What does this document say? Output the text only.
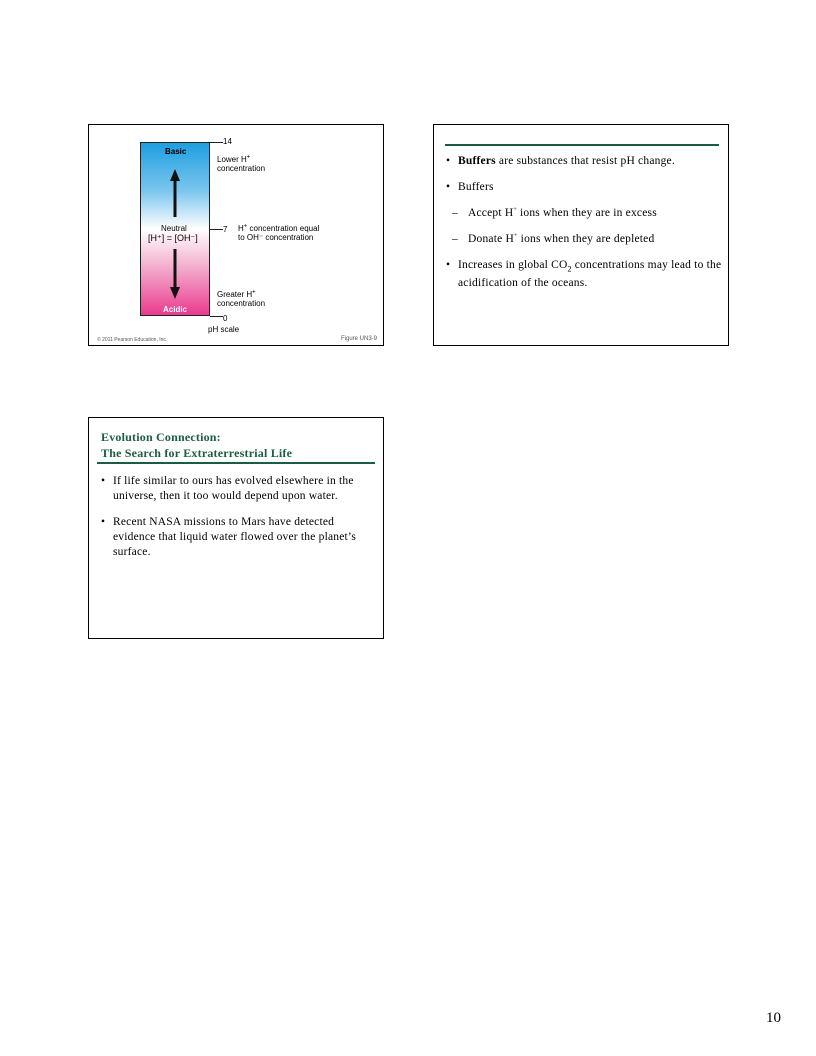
Basic
Acidic
Neutral
[H⁺] = [OH⁻]
14
7
0
Lower H+
concentration
H+ concentration equal
to OH⁻ concentration
Greater H+
concentration
pH scale
© 2011 Pearson Education, Inc.	Figure UN3-9
• Buffers are substances that resist pH change.
• Buffers
– Accept H+ ions when they are in excess
– Donate H+ ions when they are depleted
• Increases in global $CO_2$ concentrations may lead to the acidification of the oceans.
Evolution Connection:
The Search for Extraterrestrial Life
• If life similar to ours has evolved elsewhere in the universe, then it too would depend upon water.
• Recent NASA missions to Mars have detected evidence that liquid water flowed over the planet’s surface.
10
